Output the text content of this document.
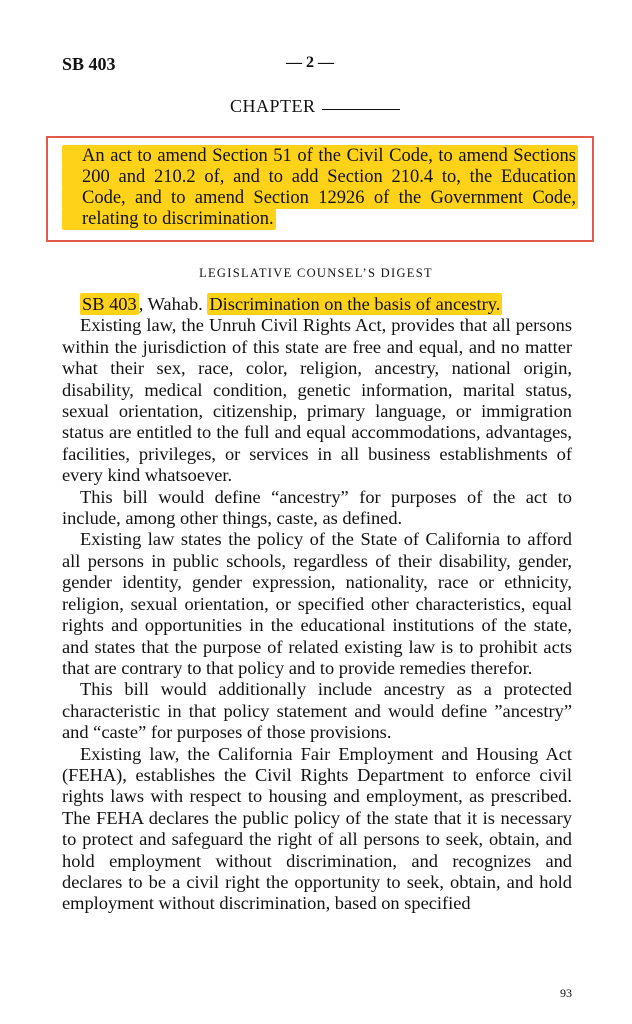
SB 403	— 2 —
CHAPTER
An act to amend Section 51 of the Civil Code, to amend Sections 200 and 210.2 of, and to add Section 210.4 to, the Education Code, and to amend Section 12926 of the Government Code, relating to discrimination.
LEGISLATIVE COUNSEL’S DIGEST

SB 403 , Wahab. Discrimination on the basis of ancestry.

Existing law, the Unruh Civil Rights Act, provides that all persons within the jurisdiction of this state are free and equal, and no matter what their sex, race, color, religion, ancestry, national origin, disability, medical condition, genetic information, marital status, sexual orientation, citizenship, primary language, or immigration status are entitled to the full and equal accommodations, advantages, facilities, privileges, or services in all business establishments of every kind whatsoever.

This bill would define “ancestry” for purposes of the act to include, among other things, caste, as defined.

Existing law states the policy of the State of California to afford all persons in public schools, regardless of their disability, gender, gender identity, gender expression, nationality, race or ethnicity, religion, sexual orientation, or specified other characteristics, equal rights and opportunities in the educational institutions of the state, and states that the purpose of related existing law is to prohibit acts that are contrary to that policy and to provide remedies therefor.

This bill would additionally include ancestry as a protected characteristic in that policy statement and would define ”ancestry” and “caste” for purposes of those provisions.

Existing law, the California Fair Employment and Housing Act (FEHA), establishes the Civil Rights Department to enforce civil rights laws with respect to housing and employment, as prescribed. The FEHA declares the public policy of the state that it is necessary to protect and safeguard the right of all persons to seek, obtain, and hold employment without discrimination, and recognizes and declares to be a civil right the opportunity to seek, obtain, and hold employment without discrimination, based on specified

93
